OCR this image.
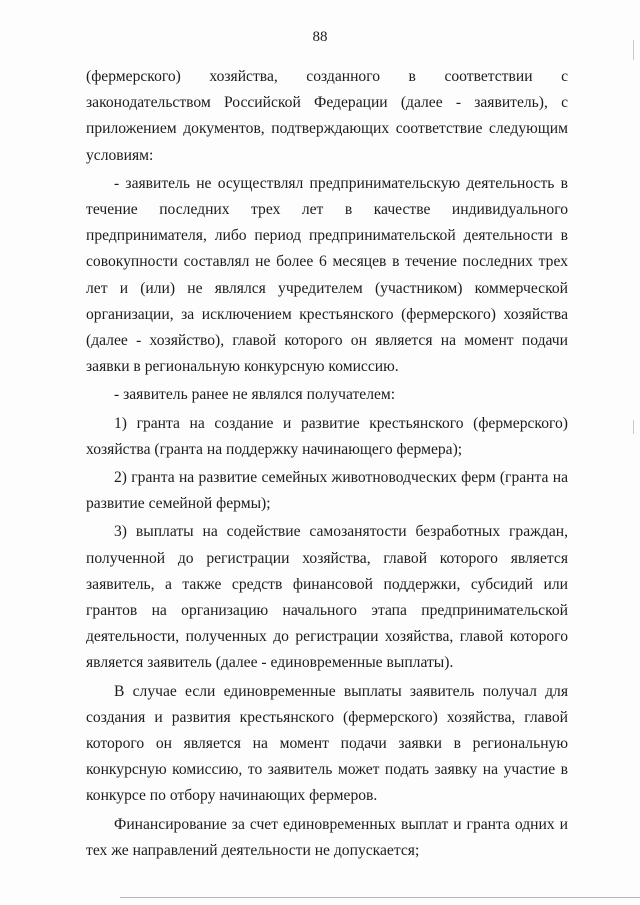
88

(фермерского) хозяйства, созданного в соответствии с законодательством Российской Федерации (далее - заявитель), с приложением документов, подтверждающих соответствие следующим условиям:

- заявитель не осуществлял предпринимательскую деятельность в течение последних трех лет в качестве индивидуального предпринимателя, либо период предпринимательской деятельности в совокупности составлял не более 6 месяцев в течение последних трех лет и (или) не являлся учредителем (участником) коммерческой организации, за исключением крестьянского (фермерского) хозяйства (далее - хозяйство), главой которого он является на момент подачи заявки в региональную конкурсную комиссию.

- заявитель ранее не являлся получателем:

1) гранта на создание и развитие крестьянского (фермерского) хозяйства (гранта на поддержку начинающего фермера);

2) гранта на развитие семейных животноводческих ферм (гранта на развитие семейной фермы);

3) выплаты на содействие самозанятости безработных граждан, полученной до регистрации хозяйства, главой которого является заявитель, а также средств финансовой поддержки, субсидий или грантов на организацию начального этапа предпринимательской деятельности, полученных до регистрации хозяйства, главой которого является заявитель (далее - единовременные выплаты).

В случае если единовременные выплаты заявитель получал для создания и развития крестьянского (фермерского) хозяйства, главой которого он является на момент подачи заявки в региональную конкурсную комиссию, то заявитель может подать заявку на участие в конкурсе по отбору начинающих фермеров.

Финансирование за счет единовременных выплат и гранта одних и тех же направлений деятельности не допускается;
